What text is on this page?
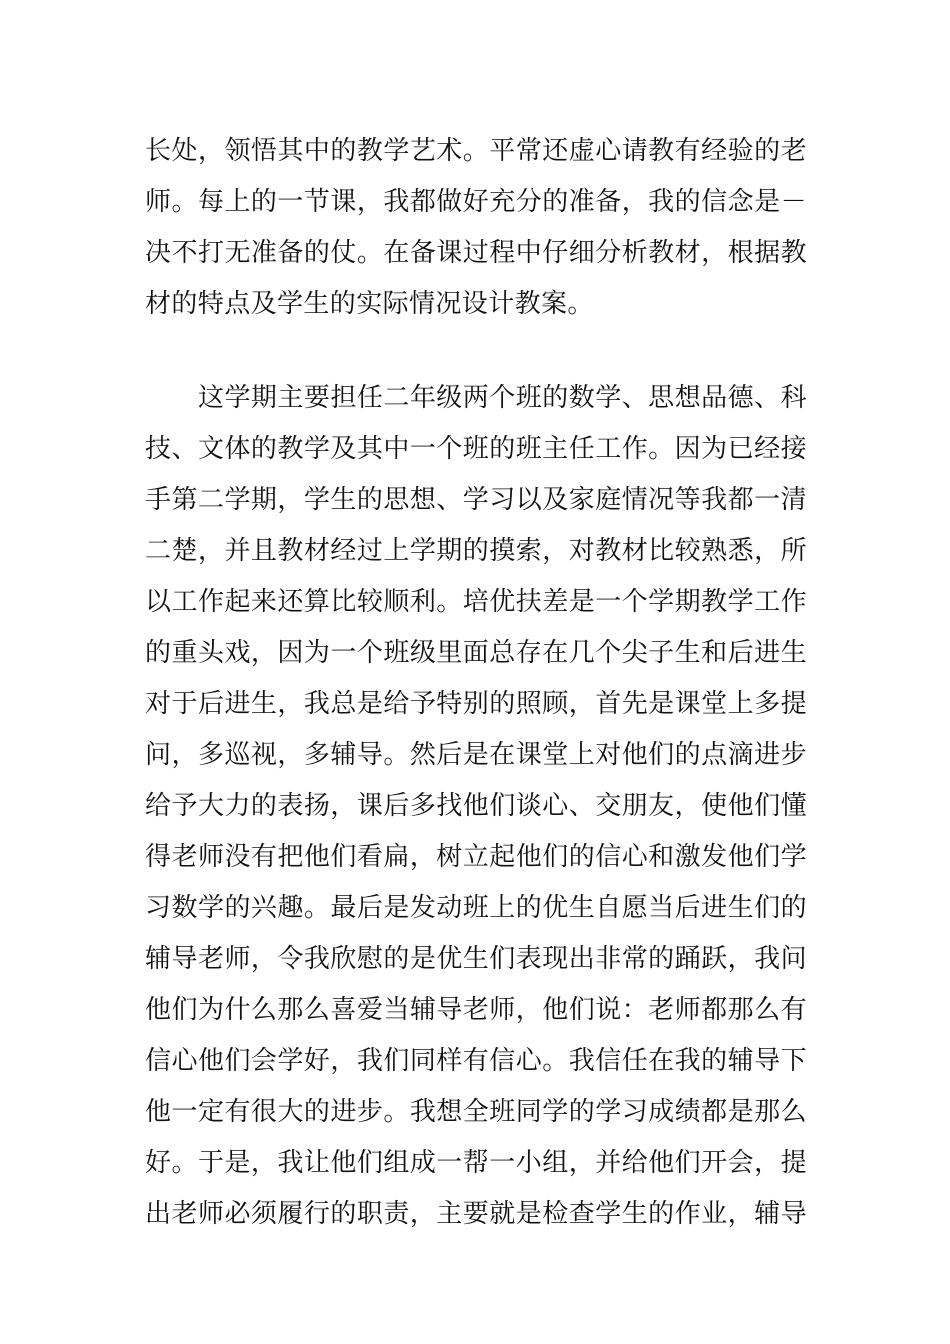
长处，领悟其中的教学艺术。平常还虚心请教有经验的老
师。每上的一节课，我都做好充分的准备，我的信念是－
决不打无准备的仗。在备课过程中仔细分析教材，根据教
材的特点及学生的实际情况设计教案。
　　这学期主要担任二年级两个班的数学、思想品德、科
技、文体的教学及其中一个班的班主任工作。因为已经接
手第二学期，学生的思想、学习以及家庭情况等我都一清
二楚，并且教材经过上学期的摸索，对教材比较熟悉，所
以工作起来还算比较顺利。培优扶差是一个学期教学工作
的重头戏，因为一个班级里面总存在几个尖子生和后进生
对于后进生，我总是给予特别的照顾，首先是课堂上多提
问，多巡视，多辅导。然后是在课堂上对他们的点滴进步
给予大力的表扬，课后多找他们谈心、交朋友，使他们懂
得老师没有把他们看扁，树立起他们的信心和激发他们学
习数学的兴趣。最后是发动班上的优生自愿当后进生们的
辅导老师，令我欣慰的是优生们表现出非常的踊跃，我问
他们为什么那么喜爱当辅导老师，他们说：老师都那么有
信心他们会学好，我们同样有信心。我信任在我的辅导下
他一定有很大的进步。我想全班同学的学习成绩都是那么
好。于是，我让他们组成一帮一小组，并给他们开会，提
出老师必须履行的职责，主要就是检查学生的作业，辅导
